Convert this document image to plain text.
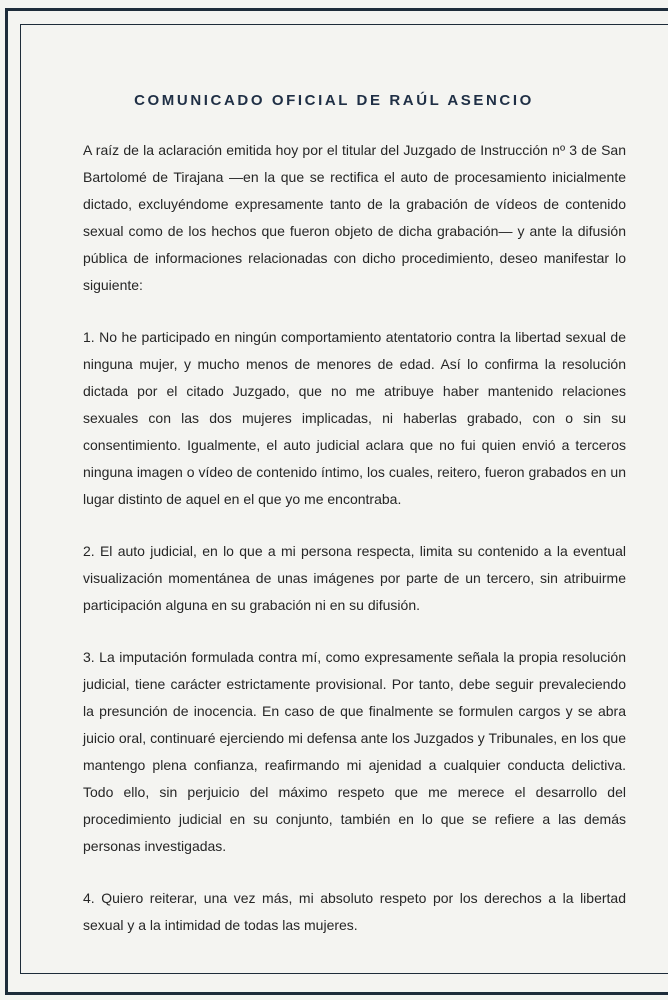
COMUNICADO OFICIAL DE RAÚL ASENCIO

A raíz de la aclaración emitida hoy por el titular del Juzgado de Instrucción nº 3 de San Bartolomé de Tirajana —en la que se rectifica el auto de procesamiento inicialmente dictado, excluyéndome expresamente tanto de la grabación de vídeos de contenido sexual como de los hechos que fueron objeto de dicha grabación— y ante la difusión pública de informaciones relacionadas con dicho procedimiento, deseo manifestar lo siguiente:

1. No he participado en ningún comportamiento atentatorio contra la libertad sexual de ninguna mujer, y mucho menos de menores de edad. Así lo confirma la resolución dictada por el citado Juzgado, que no me atribuye haber mantenido relaciones sexuales con las dos mujeres implicadas, ni haberlas grabado, con o sin su consentimiento. Igualmente, el auto judicial aclara que no fui quien envió a terceros ninguna imagen o vídeo de contenido íntimo, los cuales, reitero, fueron grabados en un lugar distinto de aquel en el que yo me encontraba.

2. El auto judicial, en lo que a mi persona respecta, limita su contenido a la eventual visualización momentánea de unas imágenes por parte de un tercero, sin atribuirme participación alguna en su grabación ni en su difusión.

3. La imputación formulada contra mí, como expresamente señala la propia resolución judicial, tiene carácter estrictamente provisional. Por tanto, debe seguir prevaleciendo la presunción de inocencia. En caso de que finalmente se formulen cargos y se abra juicio oral, continuaré ejerciendo mi defensa ante los Juzgados y Tribunales, en los que mantengo plena confianza, reafirmando mi ajenidad a cualquier conducta delictiva. Todo ello, sin perjuicio del máximo respeto que me merece el desarrollo del procedimiento judicial en su conjunto, también en lo que se refiere a las demás personas investigadas.

4. Quiero reiterar, una vez más, mi absoluto respeto por los derechos a la libertad sexual y a la intimidad de todas las mujeres.
